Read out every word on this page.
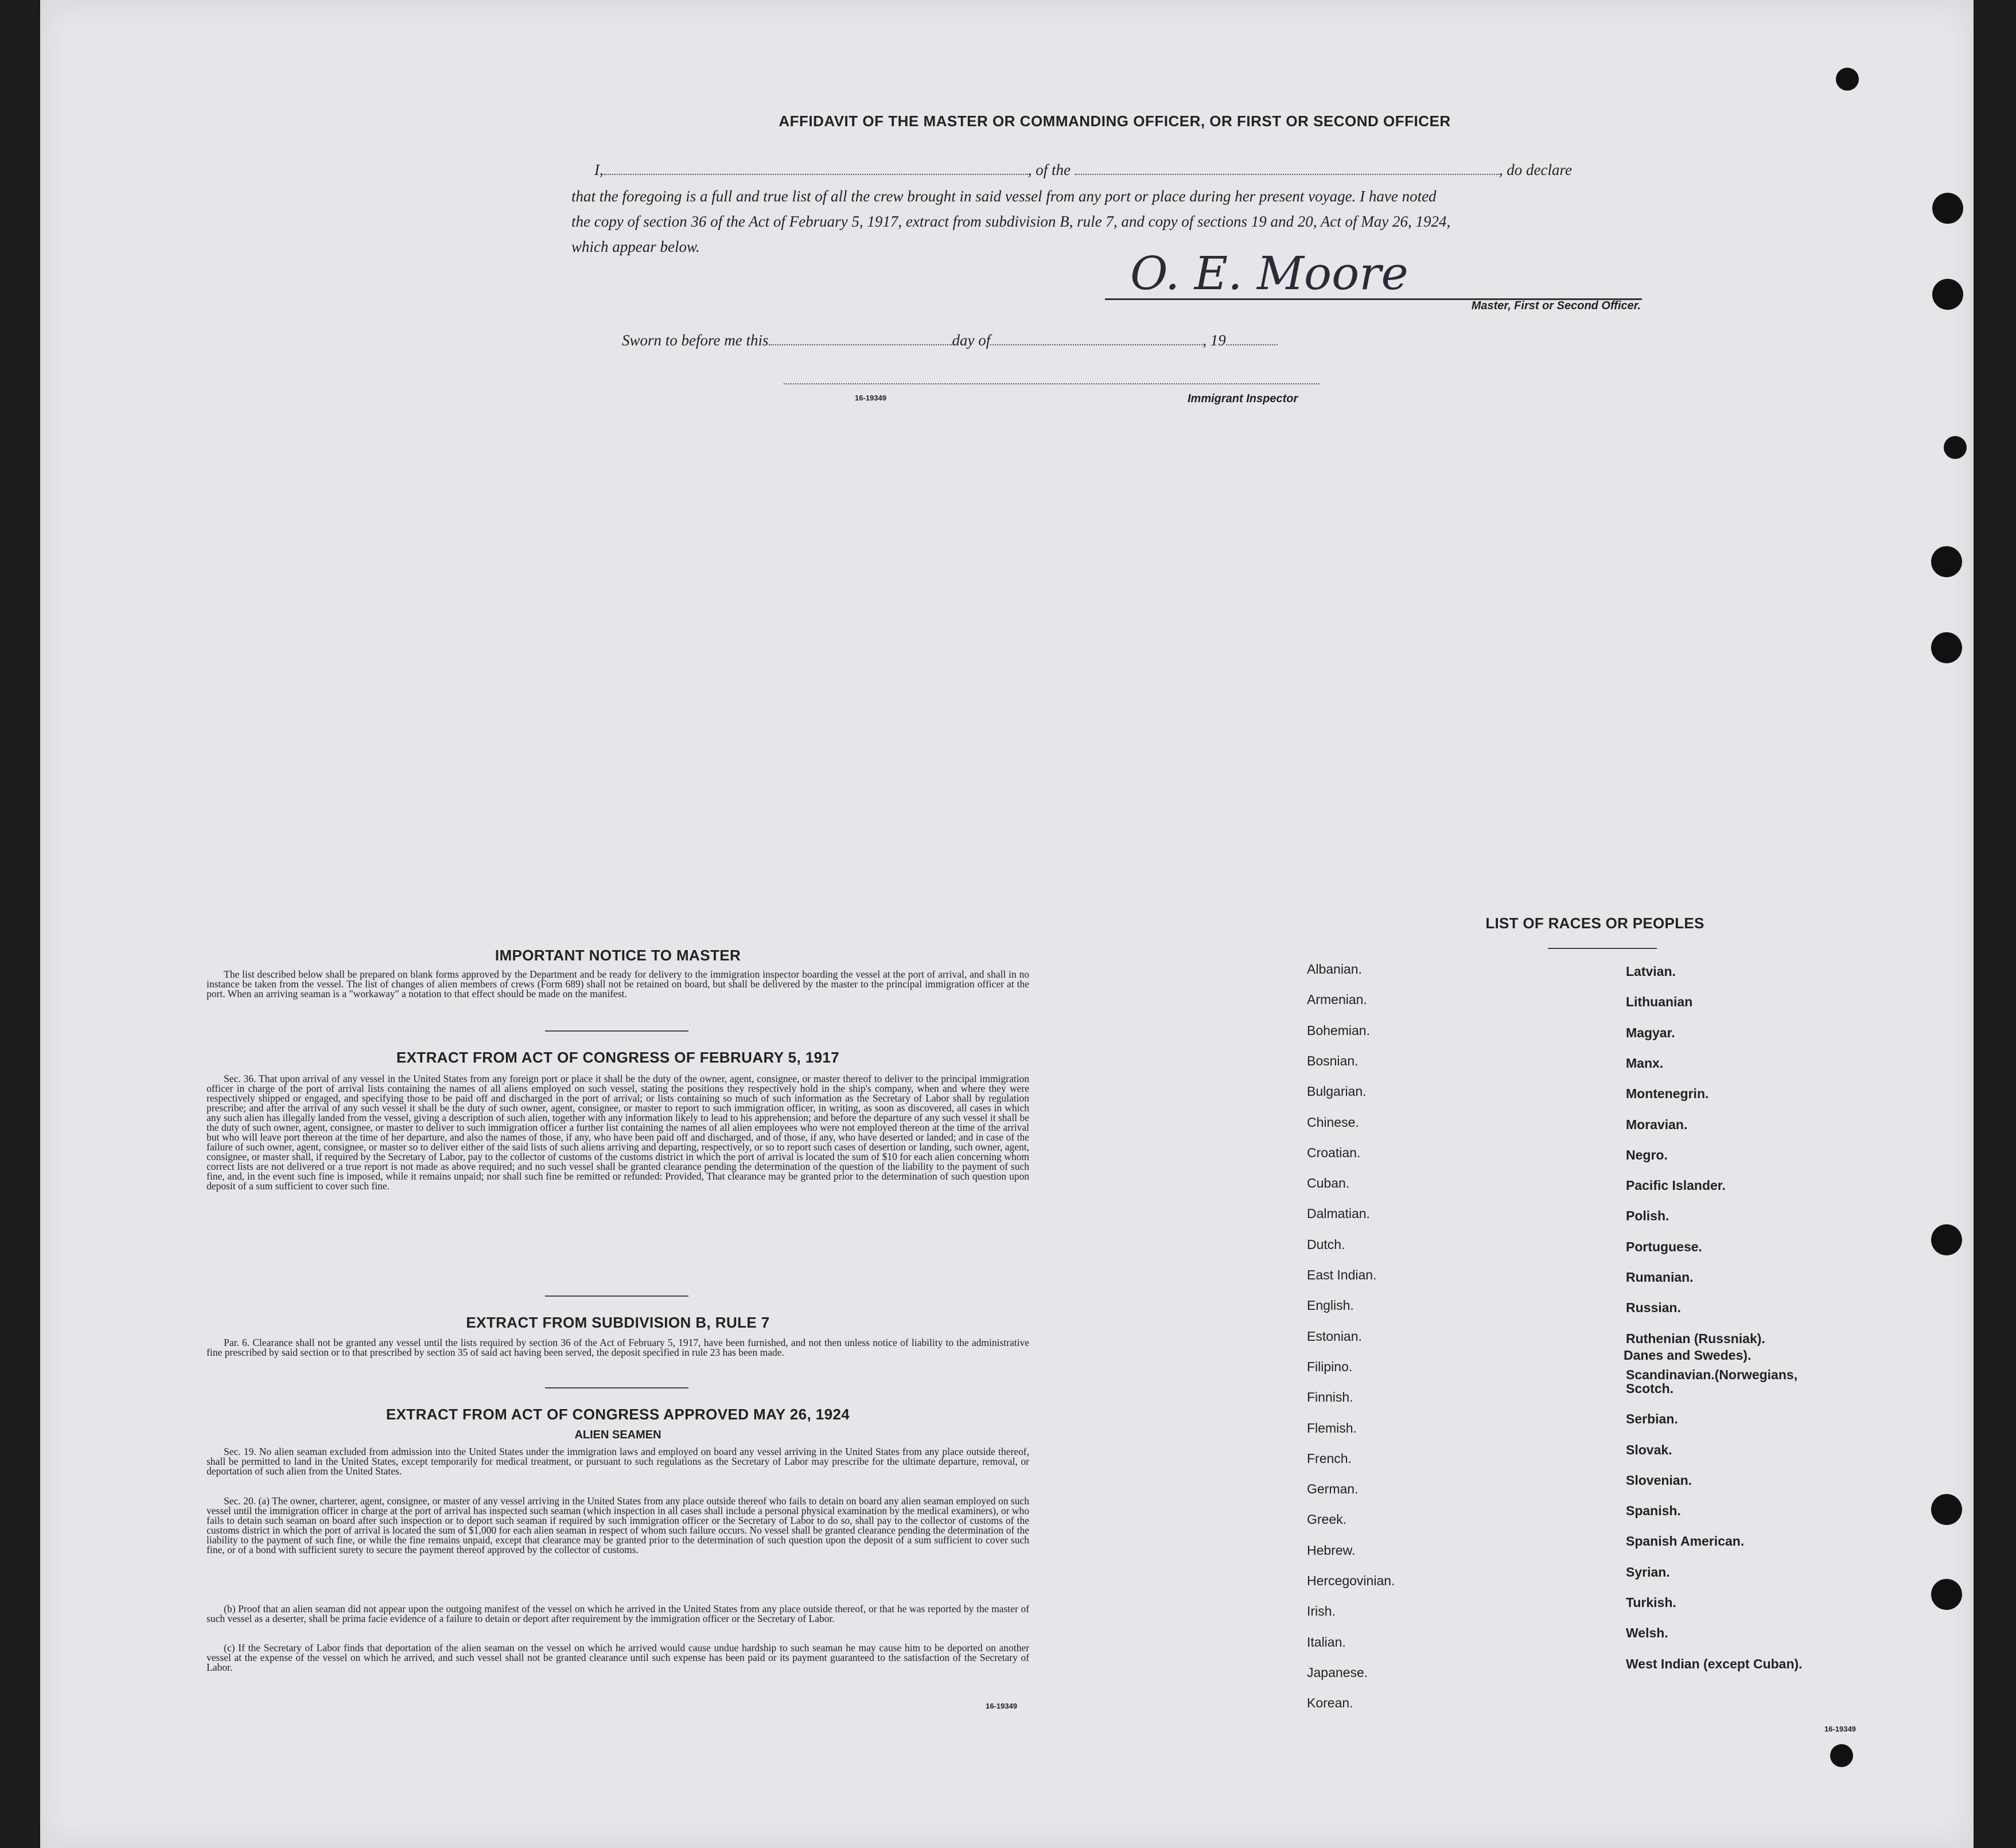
AFFIDAVIT OF THE MASTER OR COMMANDING OFFICER, OR FIRST OR SECOND OFFICER
I,	, of the	, do declare
that the foregoing is a full and true list of all the crew brought in said vessel from any port or place during her present voyage. I have noted
the copy of section 36 of the Act of February 5, 1917, extract from subdivision B, rule 7, and copy of sections 19 and 20, Act of May 26, 1924,
which appear below.	O. E. Moore
Master, First or Second Officer.
Sworn to before me this	day of	, 19
16-19349	Immigrant Inspector
IMPORTANT NOTICE TO MASTER

The list described below shall be prepared on blank forms approved by the Department and be ready for delivery to the immigration inspector boarding the vessel at the port of arrival, and shall in no instance be taken from the vessel. The list of changes of alien members of crews (Form 689) shall not be retained on board, but shall be delivered by the master to the principal immigration officer at the port. When an arriving seaman is a "workaway" a notation to that effect should be made on the manifest.

EXTRACT FROM ACT OF CONGRESS OF FEBRUARY 5, 1917

Sec. 36. That upon arrival of any vessel in the United States from any foreign port or place it shall be the duty of the owner, agent, consignee, or master thereof to deliver to the principal immigration officer in charge of the port of arrival lists containing the names of all aliens employed on such vessel, stating the positions they respectively hold in the ship's company, when and where they were respectively shipped or engaged, and specifying those to be paid off and discharged in the port of arrival; or lists containing so much of such information as the Secretary of Labor shall by regulation prescribe; and after the arrival of any such vessel it shall be the duty of such owner, agent, consignee, or master to report to such immigration officer, in writing, as soon as discovered, all cases in which any such alien has illegally landed from the vessel, giving a description of such alien, together with any information likely to lead to his apprehension; and before the departure of any such vessel it shall be the duty of such owner, agent, consignee, or master to deliver to such immigration officer a further list containing the names of all alien employees who were not employed thereon at the time of the arrival but who will leave port thereon at the time of her departure, and also the names of those, if any, who have been paid off and discharged, and of those, if any, who have deserted or landed; and in case of the failure of such owner, agent, consignee, or master so to deliver either of the said lists of such aliens arriving and departing, respectively, or so to report such cases of desertion or landing, such owner, agent, consignee, or master shall, if required by the Secretary of Labor, pay to the collector of customs of the customs district in which the port of arrival is located the sum of $10 for each alien concerning whom correct lists are not delivered or a true report is not made as above required; and no such vessel shall be granted clearance pending the determination of the question of the liability to the payment of such fine, and, in the event such fine is imposed, while it remains unpaid; nor shall such fine be remitted or refunded: Provided, That clearance may be granted prior to the determination of such question upon deposit of a sum sufficient to cover such fine.

EXTRACT FROM SUBDIVISION B, RULE 7

Par. 6. Clearance shall not be granted any vessel until the lists required by section 36 of the Act of February 5, 1917, have been furnished, and not then unless notice of liability to the administrative fine prescribed by said section or to that prescribed by section 35 of said act having been served, the deposit specified in rule 23 has been made.

EXTRACT FROM ACT OF CONGRESS APPROVED MAY 26, 1924
ALIEN SEAMEN

Sec. 19. No alien seaman excluded from admission into the United States under the immigration laws and employed on board any vessel arriving in the United States from any place outside thereof, shall be permitted to land in the United States, except temporarily for medical treatment, or pursuant to such regulations as the Secretary of Labor may prescribe for the ultimate departure, removal, or deportation of such alien from the United States.

Sec. 20. (a) The owner, charterer, agent, consignee, or master of any vessel arriving in the United States from any place outside thereof who fails to detain on board any alien seaman employed on such vessel until the immigration officer in charge at the port of arrival has inspected such seaman (which inspection in all cases shall include a personal physical examination by the medical examiners), or who fails to detain such seaman on board after such inspection or to deport such seaman if required by such immigration officer or the Secretary of Labor to do so, shall pay to the collector of customs of the customs district in which the port of arrival is located the sum of $1,000 for each alien seaman in respect of whom such failure occurs. No vessel shall be granted clearance pending the determination of the liability to the payment of such fine, or while the fine remains unpaid, except that clearance may be granted prior to the determination of such question upon the deposit of a sum sufficient to cover such fine, or of a bond with sufficient surety to secure the payment thereof approved by the collector of customs.

(b) Proof that an alien seaman did not appear upon the outgoing manifest of the vessel on which he arrived in the United States from any place outside thereof, or that he was reported by the master of such vessel as a deserter, shall be prima facie evidence of a failure to detain or deport after requirement by the immigration officer or the Secretary of Labor.

(c) If the Secretary of Labor finds that deportation of the alien seaman on the vessel on which he arrived would cause undue hardship to such seaman he may cause him to be deported on another vessel at the expense of the vessel on which he arrived, and such vessel shall not be granted clearance until such expense has been paid or its payment guaranteed to the satisfaction of the Secretary of Labor.

16-19349
LIST OF RACES OR PEOPLES
16-19349
Albanian.
Armenian.
Bohemian.
Bosnian.
Bulgarian.
Chinese.
Croatian.
Cuban.
Dalmatian.
Dutch.
East Indian.
English.
Estonian.
Filipino.
Finnish.
Flemish.
French.
German.
Greek.
Hebrew.
Hercegovinian.
Irish.
Italian.
Japanese.
Korean.
Latvian.
Lithuanian
Magyar.
Manx.
Montenegrin.
Moravian.
Negro.
Pacific Islander.
Polish.
Portuguese.
Rumanian.
Russian.
Ruthenian (Russniak).
Scandinavian.(Norwegians,
Danes and Swedes).
Scotch.
Serbian.
Slovak.
Slovenian.
Spanish.
Spanish American.
Syrian.
Turkish.
Welsh.
West Indian (except Cuban).
